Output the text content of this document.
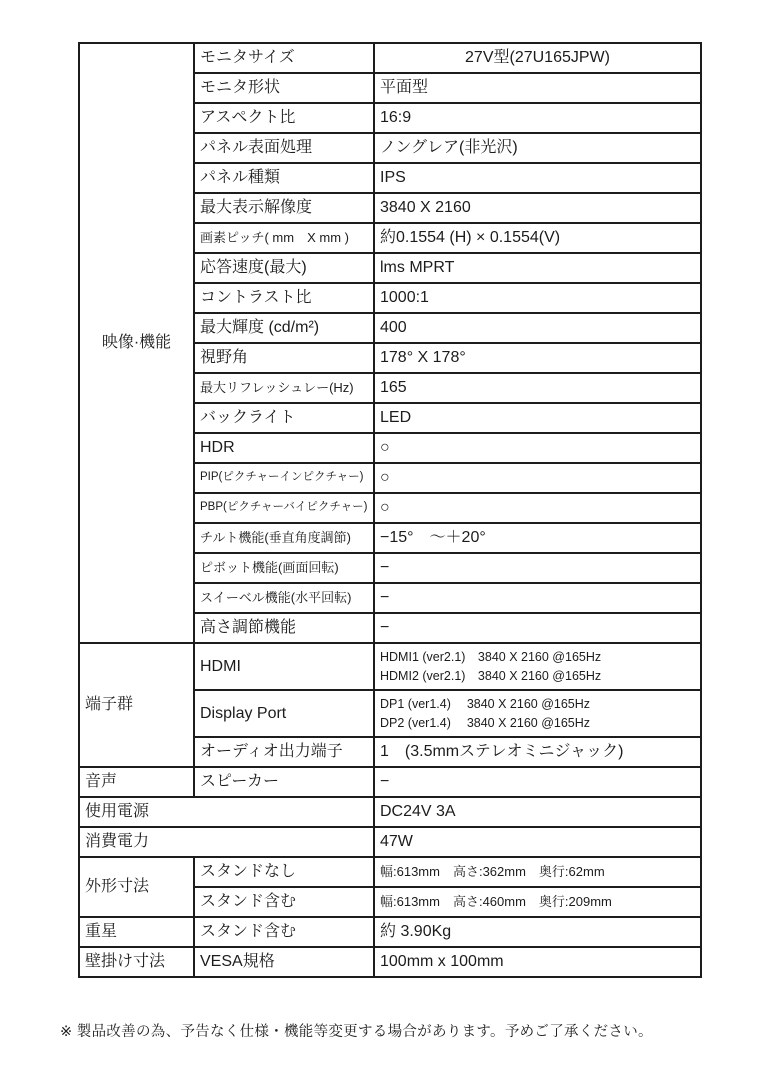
映像·機能	モニタサイズ	27V型(27U165JPW)
	モニタ形状	平面型
	アスペクト比	16:9
	パネル表面処理	ノングレア(非光沢)
	パネル種類	IPS
	最大表示解像度	3840 X 2160
	画素ピッチ( mm　X mm )	約0.1554 (H) × 0.1554(V)
	応答速度(最大)	lms MPRT
	コントラスト比	1000:1
	最大輝度 (cd/m²)	400
	視野角	178° X 178°
	最大リフレッシュレー(Hz)	165
	バックライト	LED
	HDR	○
	PIP(ピクチャーインピクチャー)	○
	PBP(ピクチャーバイピクチャー)	○
	チルト機能(垂直角度調節)	−15°　～＋20°
	ピボット機能(画面回転)	−
	スイーベル機能(水平回転)	−
	高さ調節機能	−
端子群	HDMI	HDMI1 (ver2.1)　3840 X 2160 @165Hz
HDMI2 (ver2.1)　3840 X 2160 @165Hz

	Display Port	DP1 (ver1.4)　 3840 X 2160 @165Hz
DP2 (ver1.4)　 3840 X 2160 @165Hz

	オーディオ出力端子	1　(3.5mmステレオミニジャック)
音声	スピーカー	−
使用電源		DC24V 3A
消費電力		47W
外形寸法	スタンドなし	幅:613mm　高さ:362mm　奥行:62mm
	スタンド含む	幅:613mm　高さ:460mm　奥行:209mm
重星	スタンド含む	約 3.90Kg
壁掛け寸法	VESA規格	100mm x 100mm
※ 製品改善の為、予告なく仕様・機能等変更する場合があります。予めご了承ください。
